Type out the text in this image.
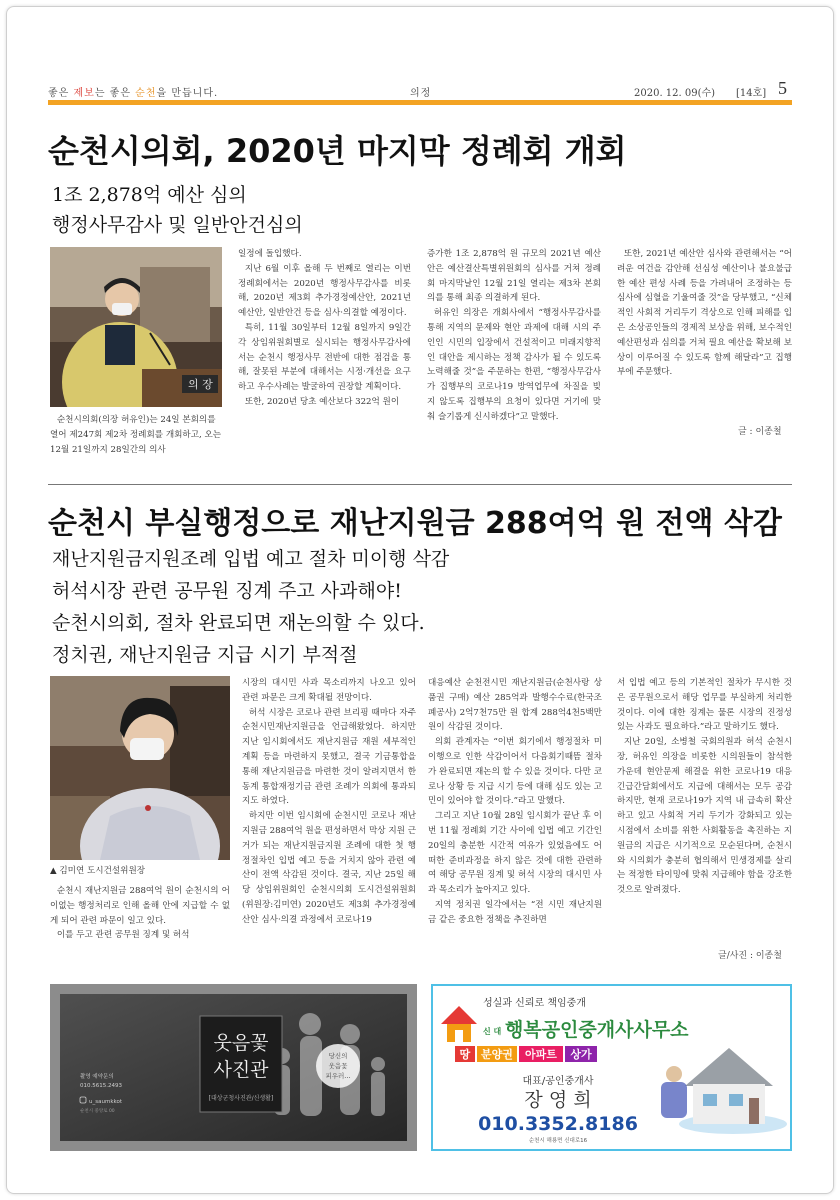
좋은 제보는 좋은 순천을 만듭니다.	의정	2020. 12. 09(수) [14호] 5
순천시의회, 2020년 마지막 정례회 개회
1조 2,878억 예산 심의
행정사무감사 및 일반안건심의
의 장
순천시의회(의장 허유인)는 24일 본회의를 열어 제247회 제2차 정례회를 개회하고, 오는 12월 21일까지 28일간의 의사

일정에 돌입했다.

지난 6월 이후 올해 두 번째로 열리는 이번 정례회에서는 2020년 행정사무감사를 비롯해, 2020년 제3회 추가경정예산안, 2021년 예산안, 일반안건 등을 심사·의결할 예정이다.

특히, 11월 30일부터 12월 8일까지 9일간 각 상임위원회별로 실시되는 행정사무감사에서는 순천시 행정사무 전반에 대한 점검을 통해, 잘못된 부분에 대해서는 시정·개선을 요구하고 우수사례는 발굴하여 권장할 계획이다.

또한, 2020년 당초 예산보다 322억 원이

증가한 1조 2,878억 원 규모의 2021년 예산안은 예산결산특별위원회의 심사를 거쳐 정례회 마지막날인 12월 21일 열리는 제3차 본회의를 통해 최종 의결하게 된다.

허유인 의장은 개회사에서 “행정사무감사를 통해 지역의 문제와 현안 과제에 대해 시의 주인인 시민의 입장에서 건설적이고 미래지향적인 대안을 제시하는 정책 감사가 될 수 있도록 노력해줄 것”을 주문하는 한편, “행정사무감사가 집행부의 코로나19 방역업무에 차질을 빚지 않도록 집행부의 요청이 있다면 거기에 맞춰 슬기롭게 신시하겠다”고 말했다.

또한, 2021년 예산안 심사와 관련해서는 “어려운 여건을 감안해 선심성 예산이나 불요불급한 예산 편성 사례 등을 가려내어 조정하는 등 심사에 심혈을 기울여줄 것”을 당부했고, “신체적인 사회적 거리두기 격상으로 인해 피해를 입은 소상공인들의 경제적 보상을 위해, 보수적인 예산편성과 심의를 거쳐 필요 예산을 확보해 보상이 이루어질 수 있도록 함께 해달라”고 집행부에 주문했다.

글 : 이종철
순천시 부실행정으로 재난지원금 288여억 원 전액 삭감
재난지원금지원조례 입법 예고 절차 미이행 삭감
허석시장 관련 공무원 징계 주고 사과해야!
순천시의회, 절차 완료되면 재논의할 수 있다.
정치권, 재난지원금 지급 시기 부적절
▲ 김미연 도시건설위원장

순천시 재난지원금 288여억 원이 순천시의 어이없는 행정처리로 인해 올해 안에 지급할 수 없게 되어 관련 파문이 일고 있다.

이를 두고 관련 공무원 징계 및 허석

시장의 대시민 사과 목소리까지 나오고 있어 관련 파문은 크게 확대될 전망이다.

허석 시장은 코로나 관련 브리핑 때마다 자주 순천시민재난지원금을 언급해왔었다. 하지만 지난 임시회에서도 재난지원금 재원 세부적인 계획 등을 마련하지 못했고, 결국 기금통합을 통해 재난지원금을 마련한 것이 알려지면서 한동계 통합재정기금 관련 조례가 의회에 통과되지도 하였다.

하지만 이번 임시회에 순천시민 코로나 재난지원금 288여억 원을 편성하면서 막상 지원 근거가 되는 재난지원금지원 조례에 대한 첫 행정절차인 입법 예고 등을 거치지 않아 관련 예산이 전액 삭감된 것이다. 결국, 지난 25일 해당 상임위원회인 순천시의회 도시건설위원회(위원장:김미연) 2020년도 제3회 추가경정예산안 심사·의결 과정에서 코로나19

대응예산 순천전시민 재난지원금(순천사랑 상품권 구매) 예산 285억과 발행수수료(한국조폐공사) 2억7천75만 원 합계 288억4천5백만 원이 삭감된 것이다.

의회 관계자는 “이번 회기에서 행정절차 미이행으로 인한 삭감이어서 다음회기때뜸 절차가 완료되면 재논의 할 수 있을 것이다. 다만 코로나 상황 등 지급 시기 등에 대해 심도 있는 고민이 있어야 할 것이다.”라고 말했다.

그리고 지난 10월 28일 임시회가 끝난 후 이번 11월 정례회 기간 사이에 입법 예고 기간인 20일의 충분한 시간적 여유가 있었음에도 어떠한 준비과정을 하지 않은 것에 대한 관련하여 해당 공무원 징계 및 허석 시장의 대시민 사과 목소리가 높아지고 있다.

지역 정치권 일각에서는 “전 시민 재난지원금 같은 중요한 정책을 추진하면

서 입법 예고 등의 기본적인 절차가 무시한 것은 공무원으로서 해당 업무를 부실하게 처리한 것이다. 이에 대한 징계는 물론 시장의 진정성 있는 사과도 필요하다.”라고 말하기도 했다.

지난 20일, 소병철 국회의원과 허석 순천시장, 허유인 의장을 비롯한 시의원들이 참석한 가운데 현안문제 해결을 위한 코로나19 대응 긴급간담회에서도 지급에 대해서는 모두 공감하지만, 현재 코로나19가 지역 내 급속히 확산하고 있고 사회적 거리 두기가 강화되고 있는 시점에서 소비를 위한 사회활동을 촉진하는 지원금의 지급은 시기적으로 모순된다며, 순천시와 시의회가 충분히 협의해서 민생경제를 살리는 적정한 타이밍에 맞춰 지급해야 함을 강조한 것으로 알려졌다.

글/사진 : 이종철
웃음꽃
사진관
[대상군청사진관/신생활]
당신의
웃음꽃
피우러...
촬영 예약문의
010.5615.2493
u_saumkkot
순천시 중앙로 00
성실과 신뢰로 책임중개
신 대 행복공인중개사사무소
땅 분양권 아파트 상가
대표/공인중개사
장 영 희
010.3352.8186
순천시 해룡면 신대로16
